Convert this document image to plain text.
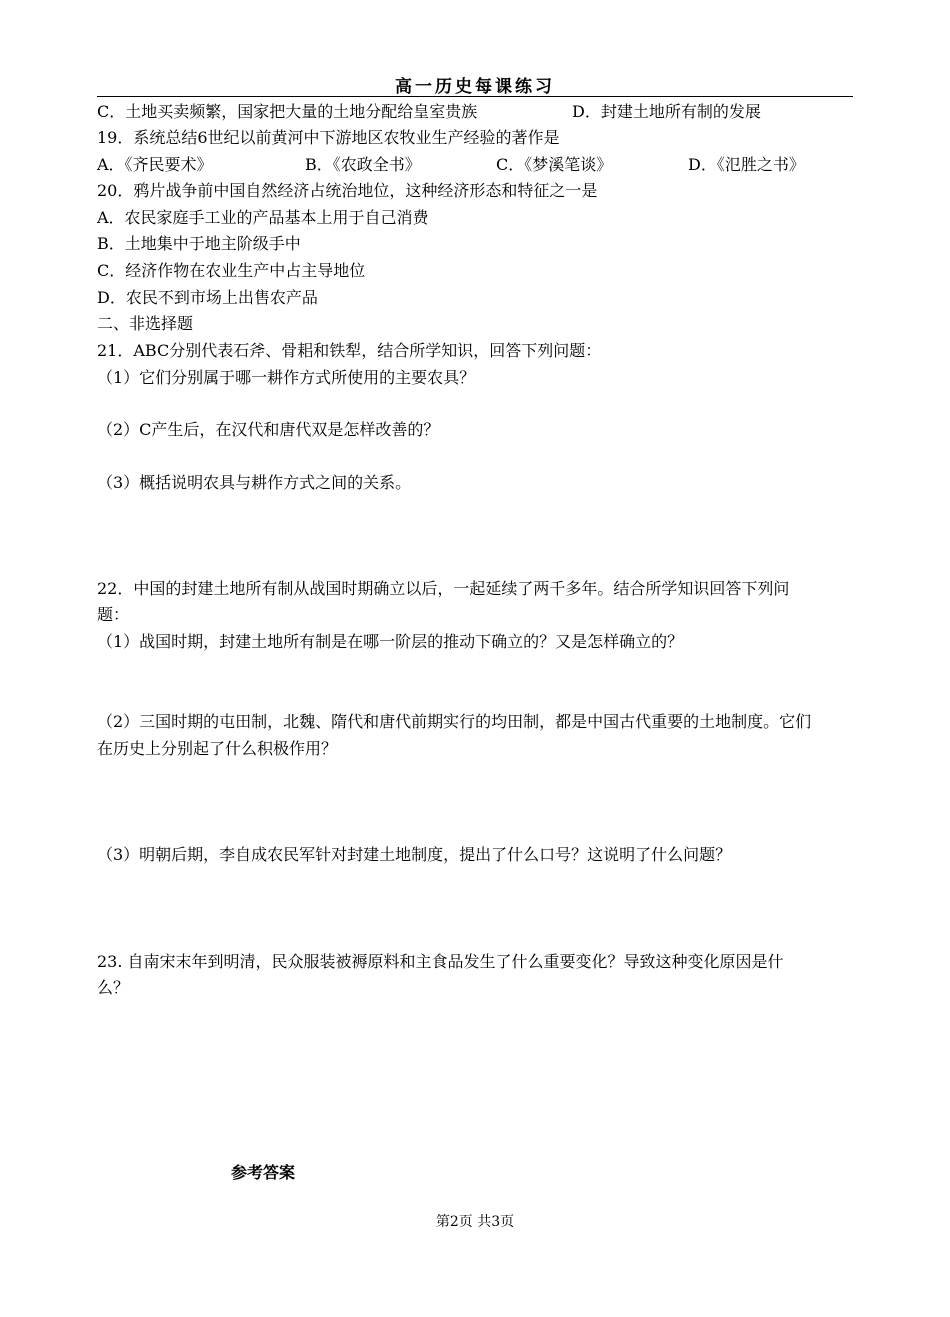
高一历史每课练习
C．土地买卖频繁，国家把大量的土地分配给皇室贵族	D．封建土地所有制的发展
19．系统总结6世纪以前黄河中下游地区农牧业生产经验的著作是
A．《齐民要术》	B．《农政全书》	C．《梦溪笔谈》	D．《氾胜之书》
20．鸦片战争前中国自然经济占统治地位，这种经济形态和特征之一是
A．农民家庭手工业的产品基本上用于自己消费
B．土地集中于地主阶级手中
C．经济作物在农业生产中占主导地位
D．农民不到市场上出售农产品
二、非选择题
21．ABC分别代表石斧、骨耜和铁犁，结合所学知识，回答下列问题：
（1）它们分别属于哪一耕作方式所使用的主要农具？
（2）C产生后，在汉代和唐代双是怎样改善的？
（3）概括说明农具与耕作方式之间的关系。
22．中国的封建土地所有制从战国时期确立以后，一起延续了两千多年。结合所学知识回答下列问
题：
（1）战国时期，封建土地所有制是在哪一阶层的推动下确立的？又是怎样确立的？
（2）三国时期的屯田制，北魏、隋代和唐代前期实行的均田制，都是中国古代重要的土地制度。它们
在历史上分别起了什么积极作用？
（3）明朝后期，李自成农民军针对封建土地制度，提出了什么口号？这说明了什么问题？
23. 自南宋末年到明清，民众服装被褥原料和主食品发生了什么重要变化？导致这种变化原因是什
么？
参考答案
第2页 共3页
